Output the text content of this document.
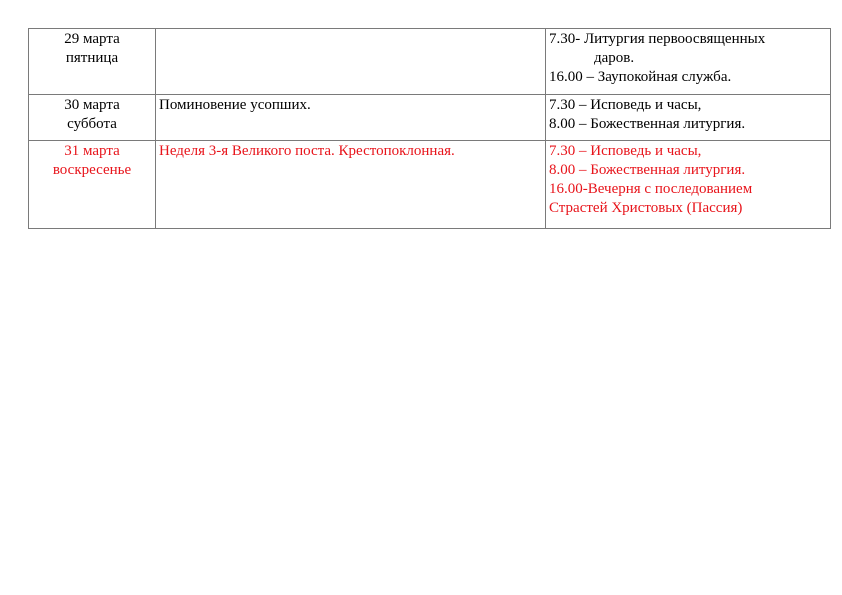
29 марта
пятница		7.30- Литургия первоосвященных
даров.
16.00 – Заупокойная служба.

30 марта
суббота	Поминовение усопших.	7.30 – Исповедь и часы,
8.00 – Божественная литургия.

31 марта
воскресенье	Неделя 3-я Великого поста. Крестопоклонная.	7.30 – Исповедь и часы,
8.00 – Божественная литургия.
16.00-Вечерня с последованием
Страстей Христовых (Пассия)
